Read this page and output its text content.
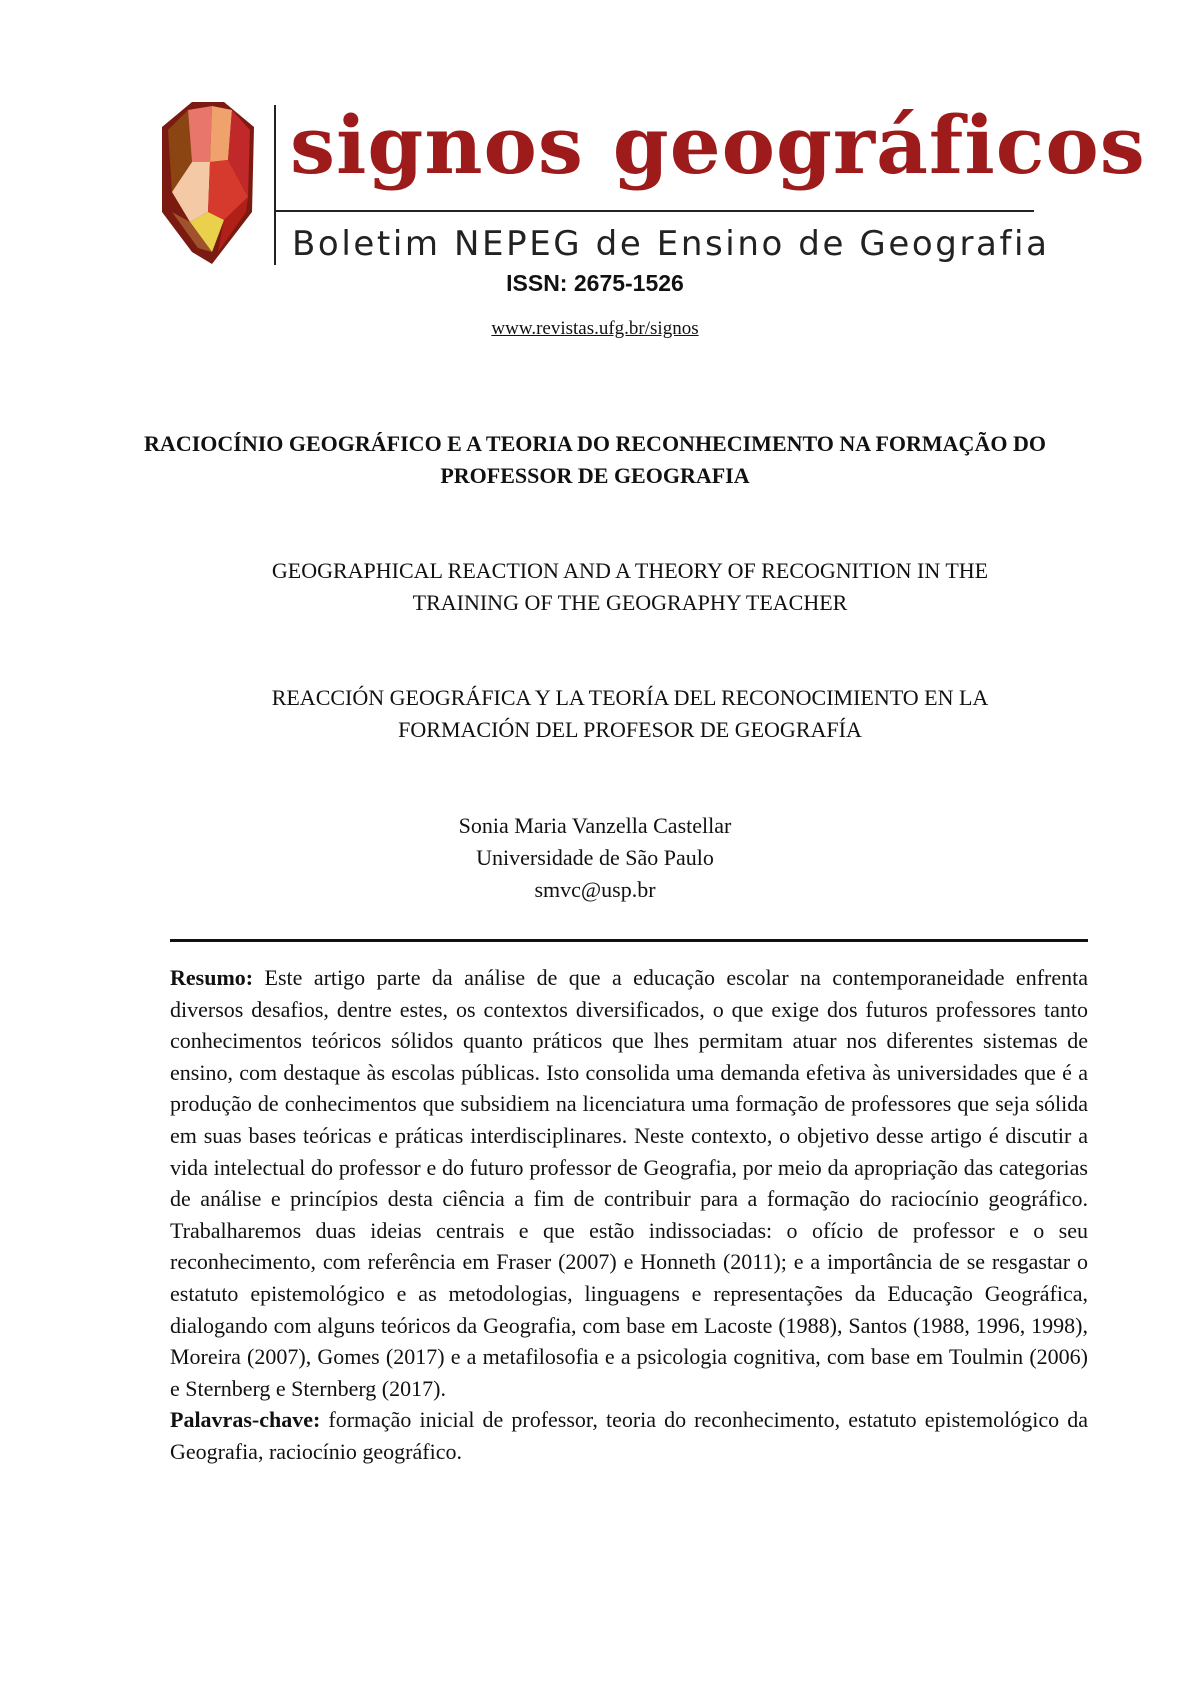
signos geográficos
Boletim NEPEG de Ensino de Geografia
ISSN: 2675-1526
www.revistas.ufg.br/signos
RACIOCÍNIO GEOGRÁFICO E A TEORIA DO RECONHECIMENTO NA FORMAÇÃO DO
PROFESSOR DE GEOGRAFIA
GEOGRAPHICAL REACTION AND A THEORY OF RECOGNITION IN THE
TRAINING OF THE GEOGRAPHY TEACHER
REACCIÓN GEOGRÁFICA Y LA TEORÍA DEL RECONOCIMIENTO EN LA
FORMACIÓN DEL PROFESOR DE GEOGRAFÍA
Sonia Maria Vanzella Castellar
Universidade de São Paulo
smvc@usp.br

Resumo: Este artigo parte da análise de que a educação escolar na contemporaneidade enfrenta diversos desafios, dentre estes, os contextos diversificados, o que exige dos futuros professores tanto conhecimentos teóricos sólidos quanto práticos que lhes permitam atuar nos diferentes sistemas de ensino, com destaque às escolas públicas. Isto consolida uma demanda efetiva às universidades que é a produção de conhecimentos que subsidiem na licenciatura uma formação de professores que seja sólida em suas bases teóricas e práticas interdisciplinares. Neste contexto, o objetivo desse artigo é discutir a vida intelectual do professor e do futuro professor de Geografia, por meio da apropriação das categorias de análise e princípios desta ciência a fim de contribuir para a formação do raciocínio geográfico. Trabalharemos duas ideias centrais e que estão indissociadas: o ofício de professor e o seu reconhecimento, com referência em Fraser (2007) e Honneth (2011); e a importância de se resgastar o estatuto epistemológico e as metodologias, linguagens e representações da Educação Geográfica, dialogando com alguns teóricos da Geografia, com base em Lacoste (1988), Santos (1988, 1996, 1998), Moreira (2007), Gomes (2017) e a metafilosofia e a psicologia cognitiva, com base em Toulmin (2006) e Sternberg e Sternberg (2017).

Palavras-chave: formação inicial de professor, teoria do reconhecimento, estatuto epistemológico da Geografia, raciocínio geográfico.
